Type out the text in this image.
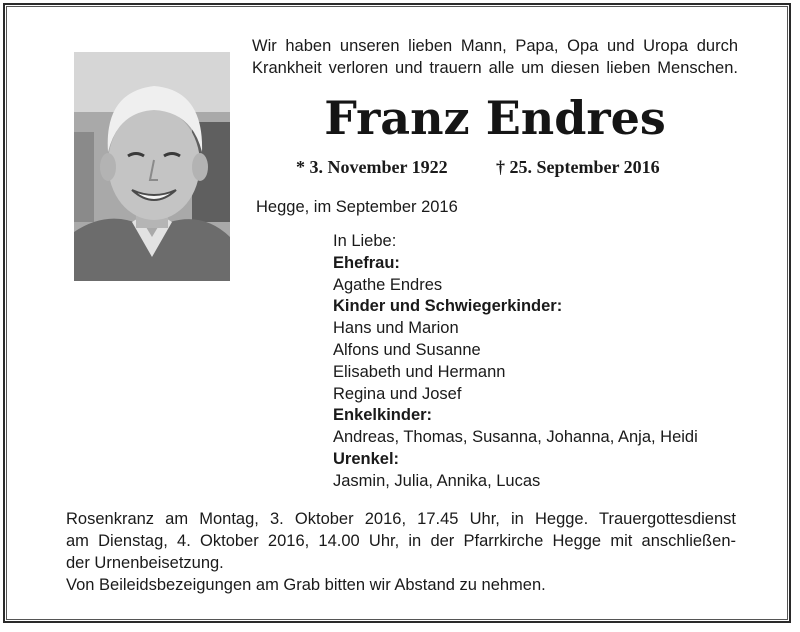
Wir haben unseren lieben Mann, Papa, Opa und Uropa durch
Krankheit verloren und trauern alle um diesen lieben Menschen.
Franz Endres
* 3. November 1922	† 25. September 2016
Hegge, im September 2016
In Liebe:
Ehefrau:
Agathe Endres
Kinder und Schwiegerkinder:
Hans und Marion
Alfons und Susanne
Elisabeth und Hermann
Regina und Josef
Enkelkinder:
Andreas, Thomas, Susanna, Johanna, Anja, Heidi
Urenkel:
Jasmin, Julia, Annika, Lucas
Rosenkranz am Montag, 3. Oktober 2016, 17.45 Uhr, in Hegge. Trauergottesdienst
am Dienstag, 4. Oktober 2016, 14.00 Uhr, in der Pfarrkirche Hegge mit anschließen-
der Urnenbeisetzung.
Von Beileidsbezeigungen am Grab bitten wir Abstand zu nehmen.
